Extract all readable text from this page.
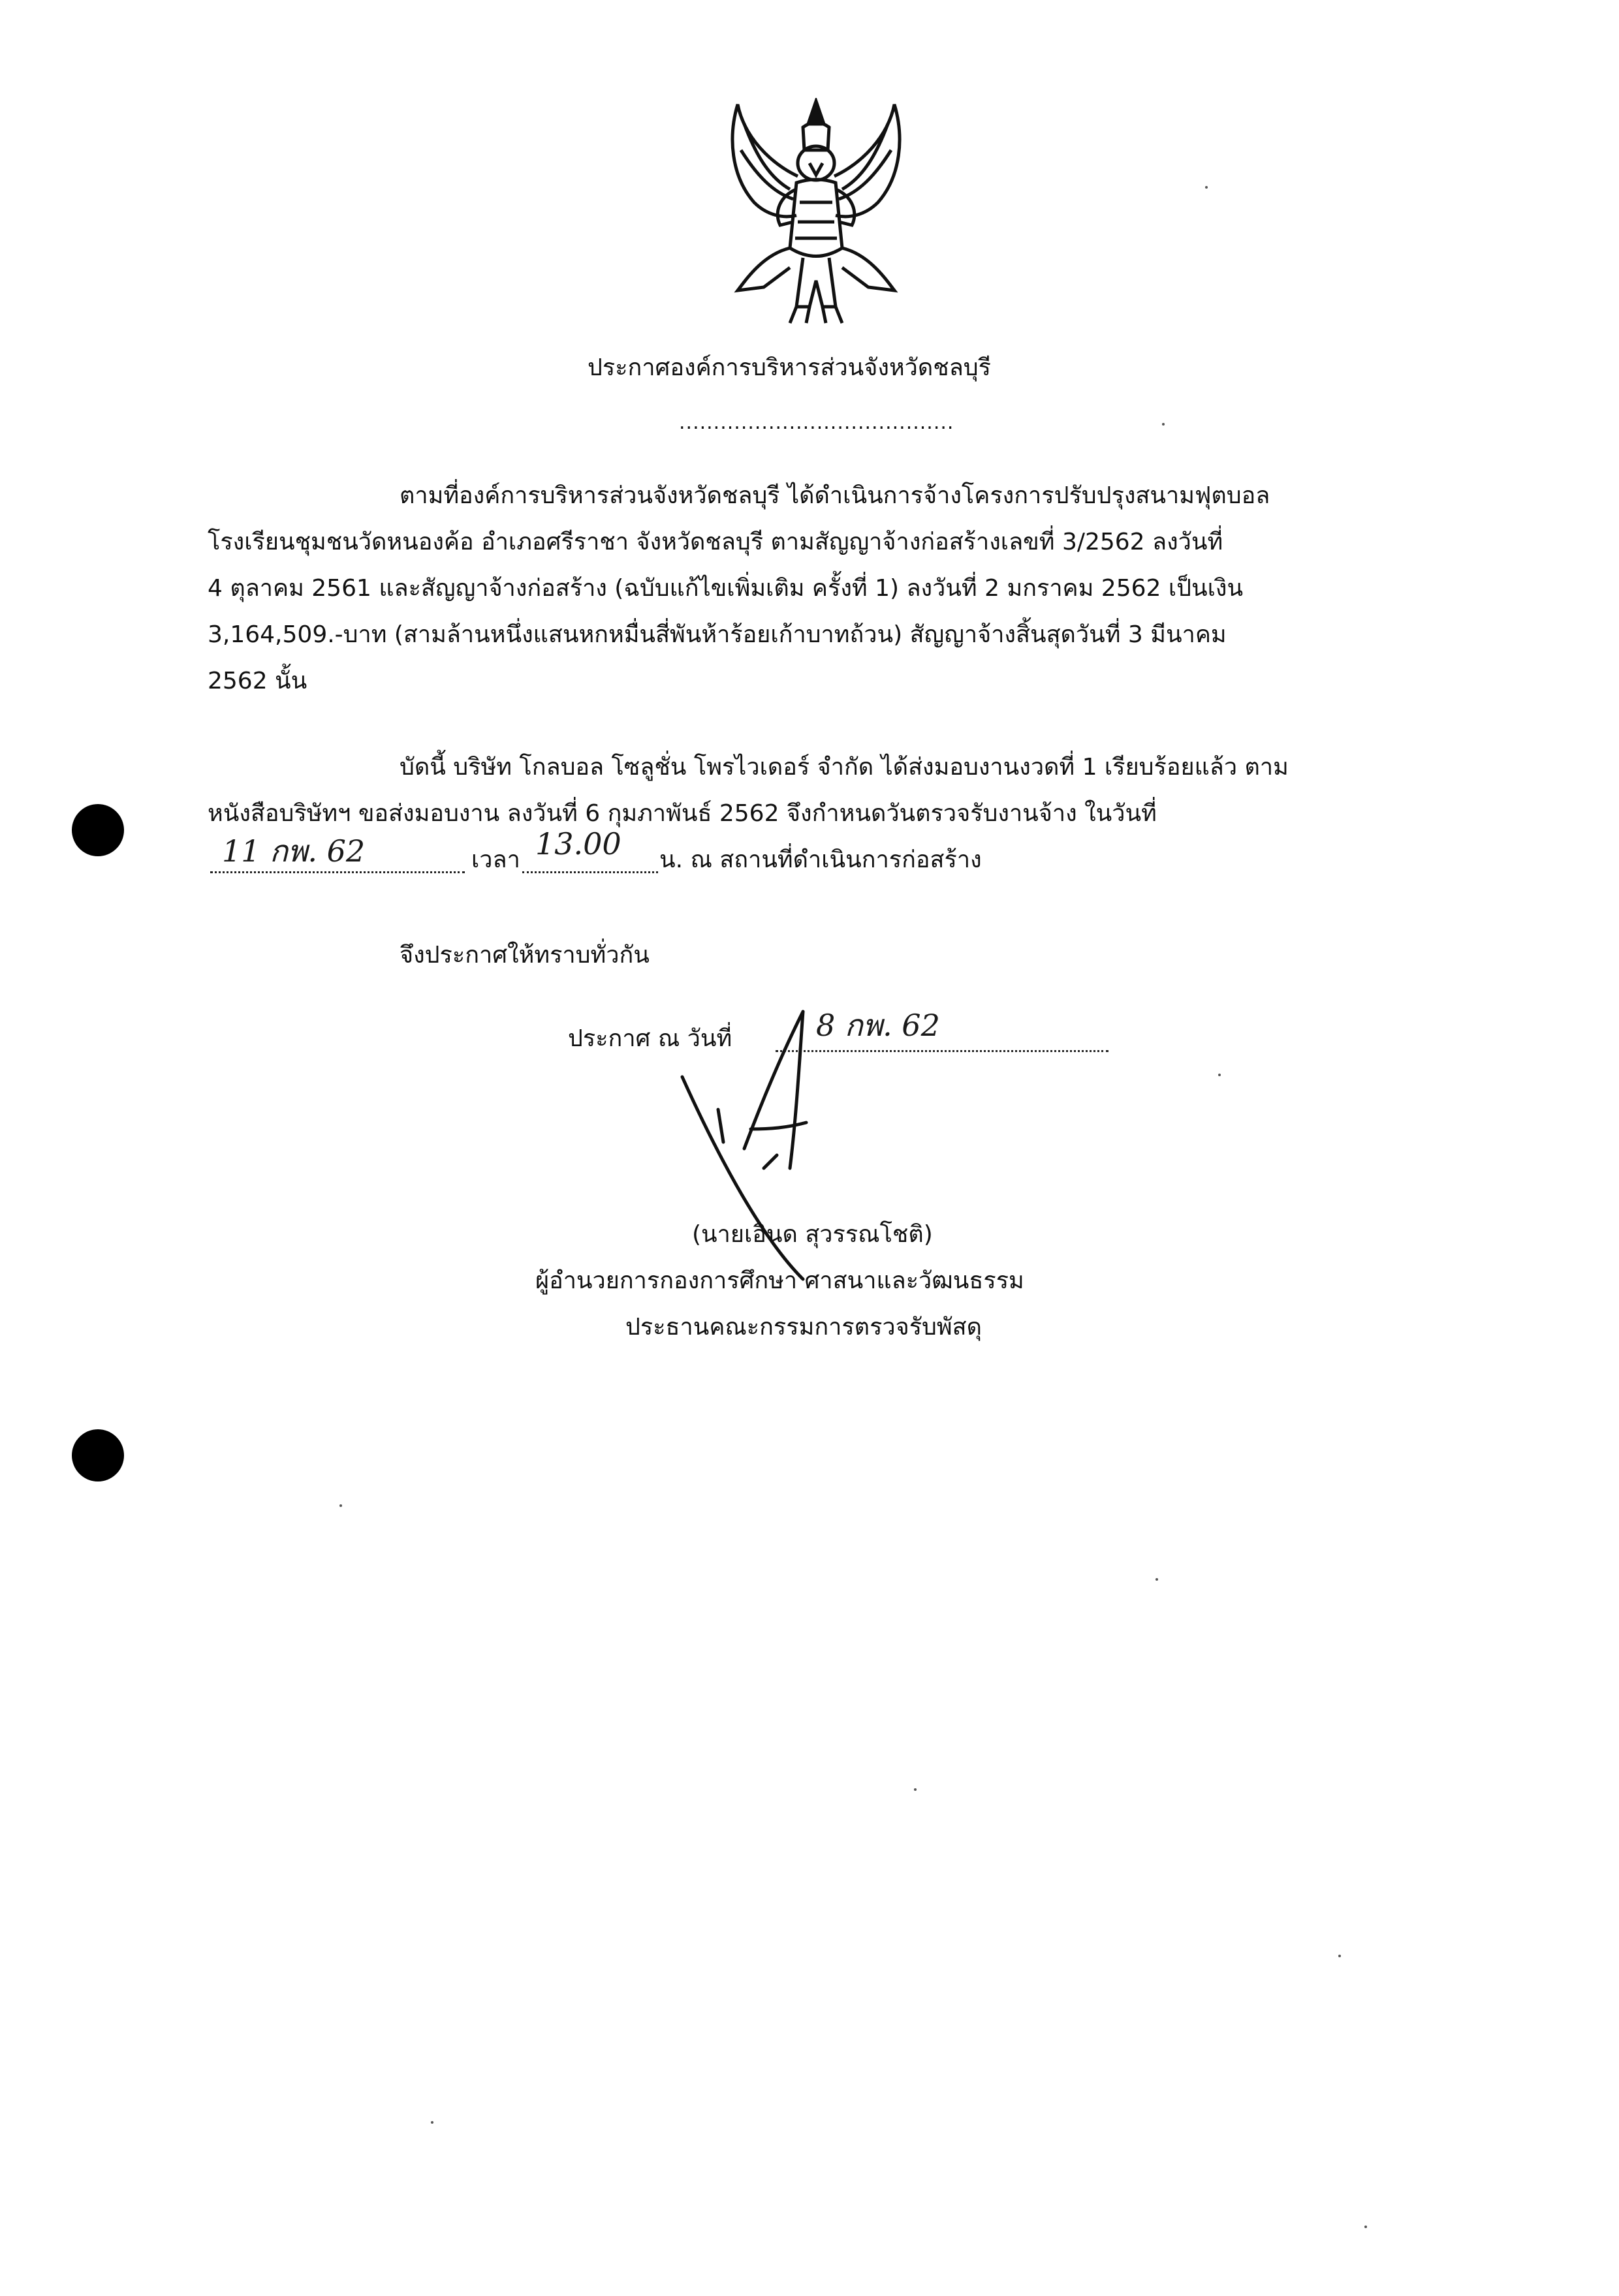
ประกาศองค์การบริหารส่วนจังหวัดชลบุรี
........................................
ตามที่องค์การบริหารส่วนจังหวัดชลบุรี ได้ดำเนินการจ้างโครงการปรับปรุงสนามฟุตบอล
โรงเรียนชุมชนวัดหนองค้อ อำเภอศรีราชา จังหวัดชลบุรี ตามสัญญาจ้างก่อสร้างเลขที่ 3/2562 ลงวันที่
4 ตุลาคม 2561 และสัญญาจ้างก่อสร้าง (ฉบับแก้ไขเพิ่มเติม ครั้งที่ 1) ลงวันที่ 2 มกราคม 2562 เป็นเงิน
3,164,509.-บาท (สามล้านหนึ่งแสนหกหมื่นสี่พันห้าร้อยเก้าบาทถ้วน) สัญญาจ้างสิ้นสุดวันที่ 3 มีนาคม
2562 นั้น
บัดนี้ บริษัท โกลบอล โซลูชั่น โพรไวเดอร์ จำกัด ได้ส่งมอบงานงวดที่ 1 เรียบร้อยแล้ว ตาม
หนังสือบริษัทฯ ขอส่งมอบงาน ลงวันที่ 6 กุมภาพันธ์ 2562 จึงกำหนดวันตรวจรับงานจ้าง ในวันที่
11 กพ. 62	เวลา 13.00 น. ณ สถานที่ดำเนินการก่อสร้าง
จึงประกาศให้ทราบทั่วกัน
ประกาศ ณ วันที่	8 กพ. 62
(นายเอินด สุวรรณโชติ)
ผู้อำนวยการกองการศึกษา ศาสนาและวัฒนธรรม
ประธานคณะกรรมการตรวจรับพัสดุ
